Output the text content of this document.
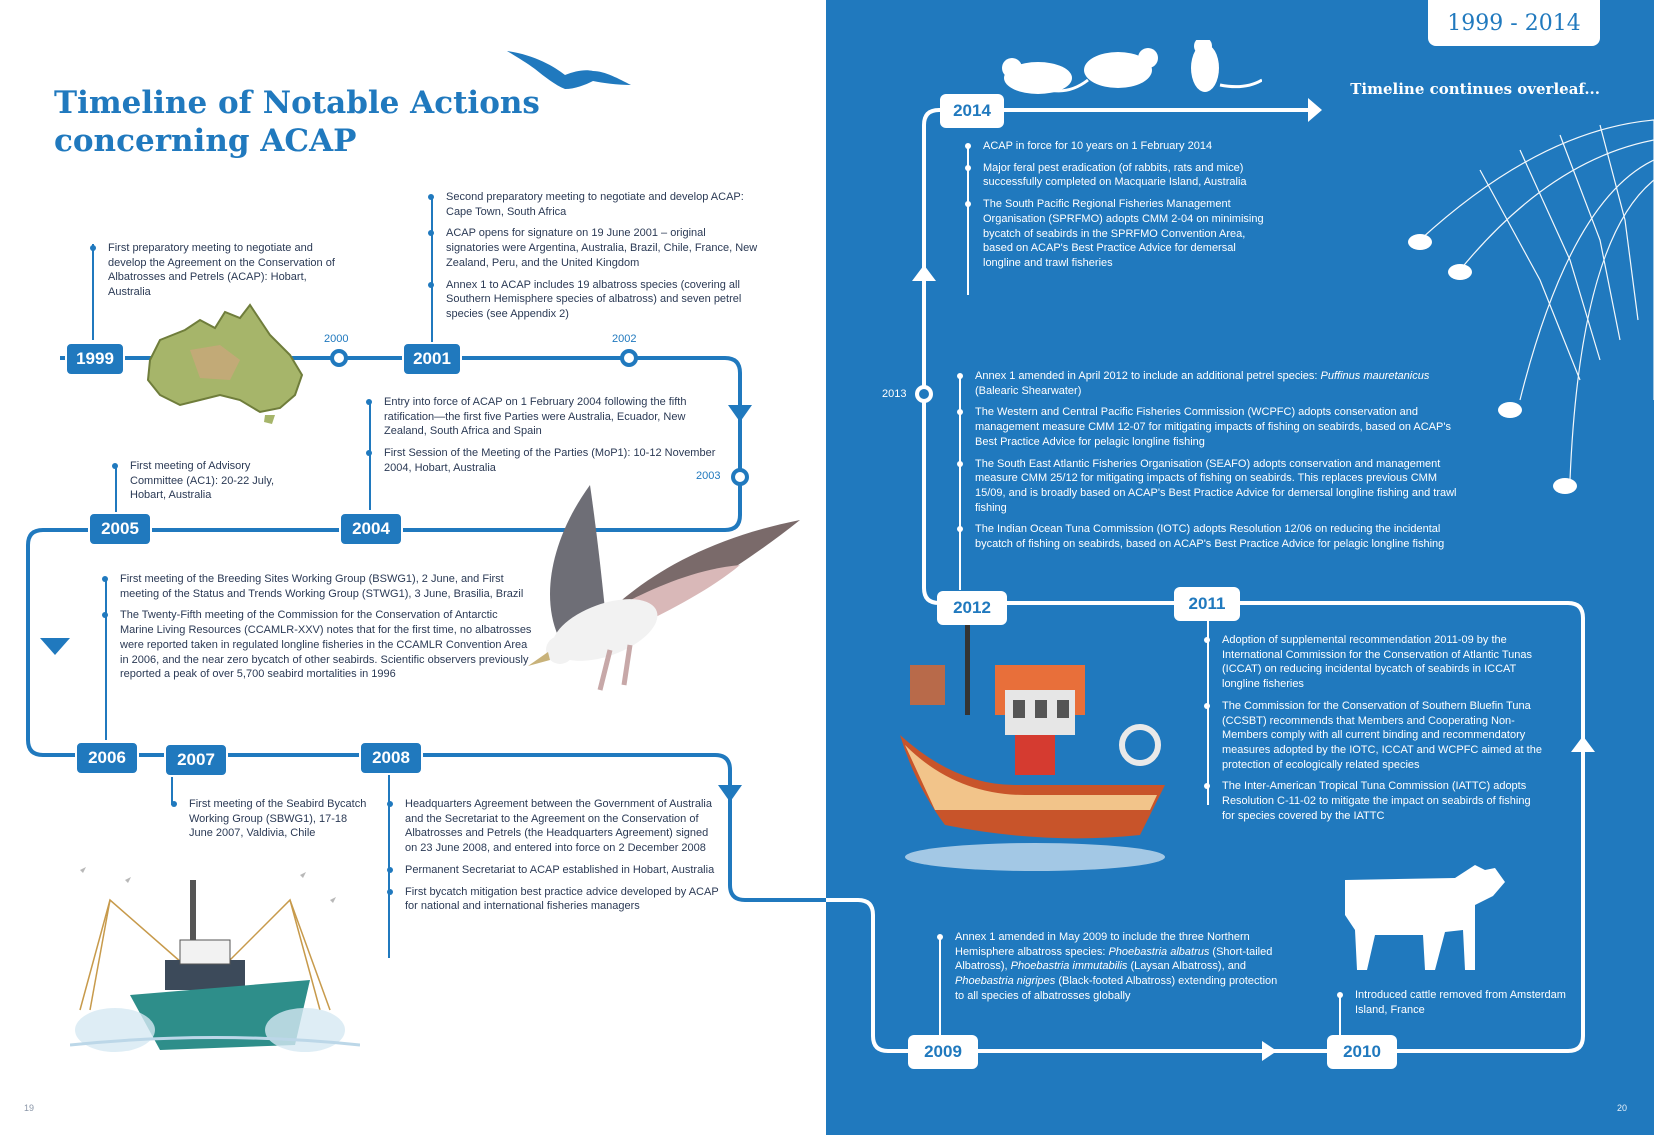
Timeline of Notable Actions
concerning ACAP
1999 - 2014
Timeline continues overleaf...
1999	2001
2004
2005
2006	2007	2008
2009	2010
2011
2012
2014
2000	2002
2003
2013
First preparatory meeting to negotiate and develop the Agreement on the Conservation of Albatrosses and Petrels (ACAP): Hobart, Australia
Second preparatory meeting to negotiate and develop ACAP: Cape Town, South Africa
ACAP opens for signature on 19 June 2001 – original signatories were Argentina, Australia, Brazil, Chile, France, New Zealand, Peru, and the United Kingdom
Annex 1 to ACAP includes 19 albatross species (covering all Southern Hemisphere species of albatross) and seven petrel species (see Appendix 2)
Entry into force of ACAP on 1 February 2004 following the fifth ratification—the first five Parties were Australia, Ecuador, New Zealand, South Africa and Spain
First Session of the Meeting of the Parties (MoP1): 10-12 November 2004, Hobart, Australia
First meeting of Advisory Committee (AC1): 20-22 July, Hobart, Australia
First meeting of the Breeding Sites Working Group (BSWG1), 2 June, and First meeting of the Status and Trends Working Group (STWG1), 3 June, Brasilia, Brazil
The Twenty-Fifth meeting of the Commission for the Conservation of Antarctic Marine Living Resources (CCAMLR-XXV) notes that for the first time, no albatrosses were reported taken in regulated longline fisheries in the CCAMLR Convention Area in 2006, and the near zero bycatch of other seabirds. Scientific observers previously reported a peak of over 5,700 seabird mortalities in 1996
First meeting of the Seabird Bycatch Working Group (SBWG1), 17-18 June 2007, Valdivia, Chile
Headquarters Agreement between the Government of Australia and the Secretariat to the Agreement on the Conservation of Albatrosses and Petrels (the Headquarters Agreement) signed on 23 June 2008, and entered into force on 2 December 2008
Permanent Secretariat to ACAP established in Hobart, Australia
First bycatch mitigation best practice advice developed by ACAP for national and international fisheries managers
ACAP in force for 10 years on 1 February 2014
Major feral pest eradication (of rabbits, rats and mice) successfully completed on Macquarie Island, Australia
The South Pacific Regional Fisheries Management Organisation (SPRFMO) adopts CMM 2-04 on minimising bycatch of seabirds in the SPRFMO Convention Area, based on ACAP's Best Practice Advice for demersal longline and trawl fisheries
Annex 1 amended in April 2012 to include an additional petrel species: Puffinus mauretanicus (Balearic Shearwater)
The Western and Central Pacific Fisheries Commission (WCPFC) adopts conservation and management measure CMM 12-07 for mitigating impacts of fishing on seabirds, based on ACAP's Best Practice Advice for pelagic longline fishing
The South East Atlantic Fisheries Organisation (SEAFO) adopts conservation and management measure CMM 25/12 for mitigating impacts of fishing on seabirds. This replaces previous CMM 15/09, and is broadly based on ACAP's Best Practice Advice for demersal longline fishing and trawl fishing
The Indian Ocean Tuna Commission (IOTC) adopts Resolution 12/06 on reducing the incidental bycatch of fishing on seabirds, based on ACAP's Best Practice Advice for pelagic longline fishing
Adoption of supplemental recommendation 2011-09 by the International Commission for the Conservation of Atlantic Tunas (ICCAT) on reducing incidental bycatch of seabirds in ICCAT longline fisheries
The Commission for the Conservation of Southern Bluefin Tuna (CCSBT) recommends that Members and Cooperating Non-Members comply with all current binding and recommendatory measures adopted by the IOTC, ICCAT and WCPFC aimed at the protection of ecologically related species
The Inter-American Tropical Tuna Commission (IATTC) adopts Resolution C-11-02 to mitigate the impact on seabirds of fishing for species covered by the IATTC
Annex 1 amended in May 2009 to include the three Northern Hemisphere albatross species: Phoebastria albatrus (Short-tailed Albatross), Phoebastria immutabilis (Laysan Albatross), and Phoebastria nigripes (Black-footed Albatross) extending protection to all species of albatrosses globally	Introduced cattle removed from Amsterdam Island, France
19	20
